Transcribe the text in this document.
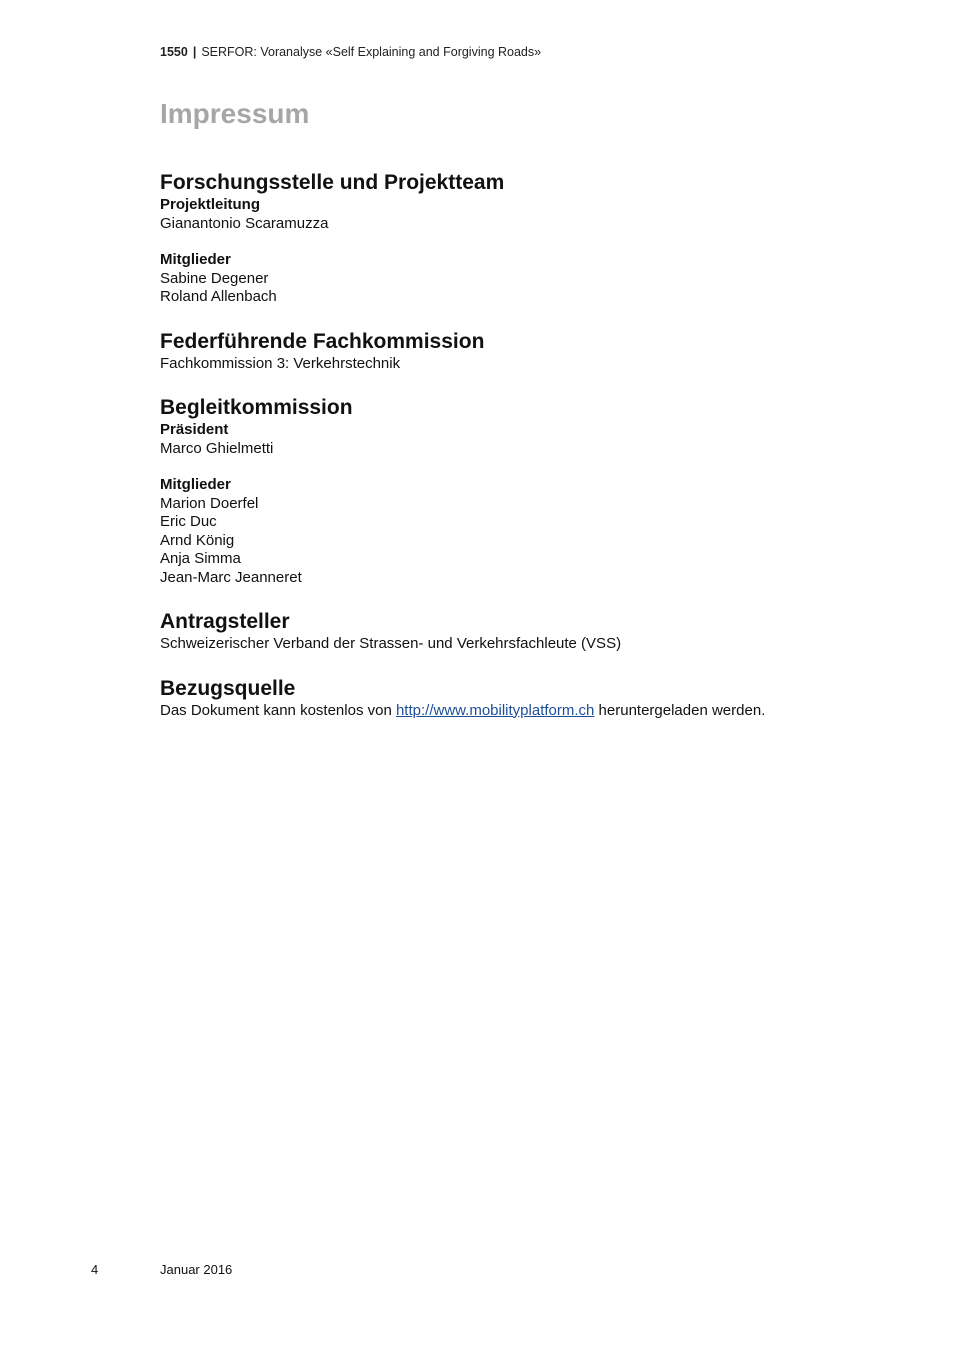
1550 | SERFOR: Voranalyse «Self Explaining and Forgiving Roads»
Impressum
Forschungsstelle und Projektteam
Projektleitung
Gianantonio Scaramuzza
Mitglieder
Sabine Degener
Roland Allenbach
Federführende Fachkommission
Fachkommission 3: Verkehrstechnik
Begleitkommission
Präsident
Marco Ghielmetti
Mitglieder
Marion Doerfel
Eric Duc
Arnd König
Anja Simma
Jean-Marc Jeanneret
Antragsteller
Schweizerischer Verband der Strassen- und Verkehrsfachleute (VSS)
Bezugsquelle
Das Dokument kann kostenlos von http://www.mobilityplatform.ch heruntergeladen werden.
4	Januar 2016
